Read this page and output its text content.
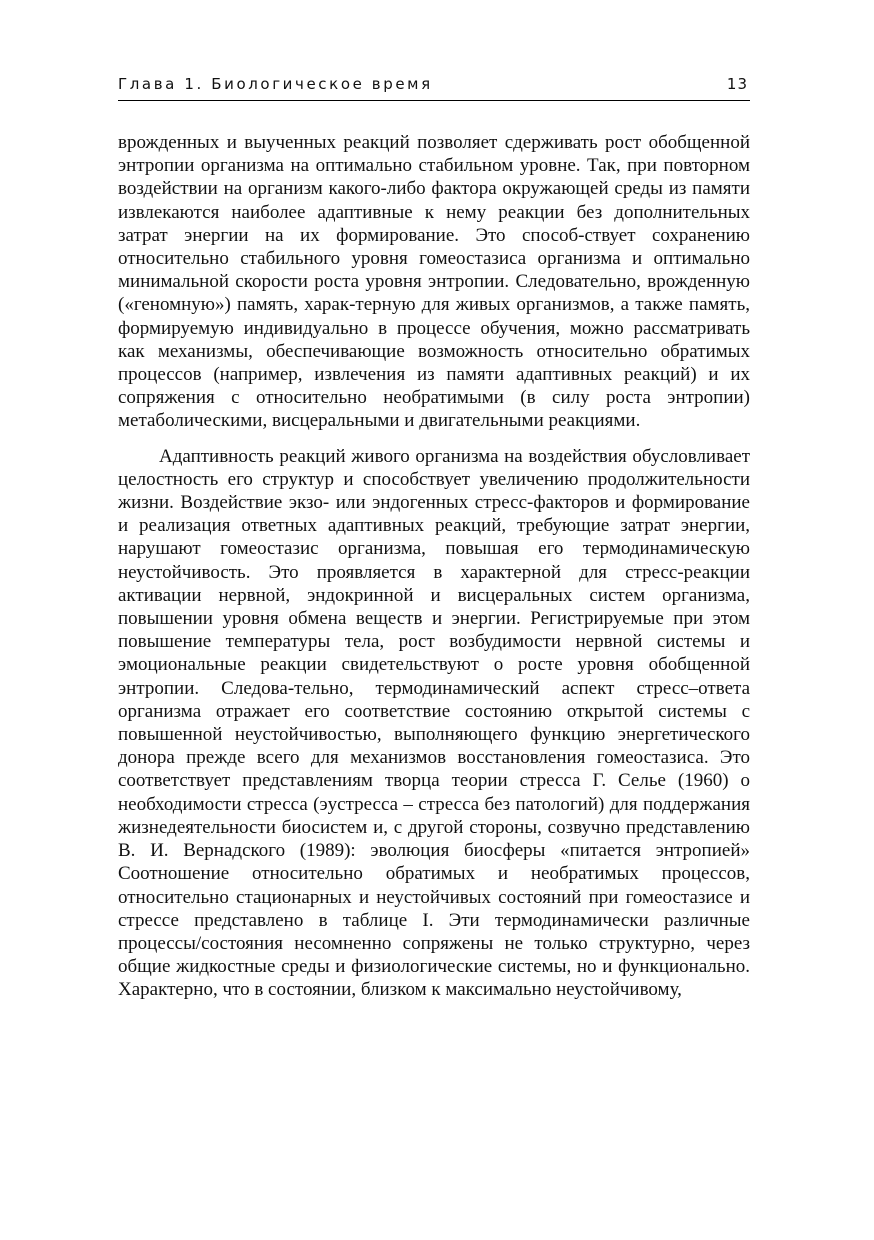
Глава 1. Биологическое время	13

врожденных и выученных реакций позволяет сдерживать рост обобщенной энтропии организма на оптимально стабильном уровне. Так, при повторном воздействии на организм какого-либо фактора окружающей среды из памяти извлекаются наиболее адаптивные к нему реакции без дополнительных затрат энергии на их формирование. Это способ-ствует сохранению относительно стабильного уровня гомеостазиса организма и оптимально минимальной скорости роста уровня энтропии. Следовательно, врожденную («геномную») память, харак-терную для живых организмов, а также память, формируемую индивидуально в процессе обучения, можно рассматривать как механизмы, обеспечивающие возможность относительно обратимых процессов (например, извлечения из памяти адаптивных реакций) и их сопряжения с относительно необратимыми (в силу роста энтропии) метаболическими, висцеральными и двигательными реакциями.

Адаптивность реакций живого организма на воздействия обусловливает целостность его структур и способствует увеличению продолжительности жизни. Воздействие экзо- или эндогенных стресс-факторов и формирование и реализация ответных адаптивных реакций, требующие затрат энергии, нарушают гомеостазис организма, повышая его термодинамическую неустойчивость. Это проявляется в характерной для стресс-реакции активации нервной, эндокринной и висцеральных систем организма, повышении уровня обмена веществ и энергии. Регистрируемые при этом повышение температуры тела, рост возбудимости нервной системы и эмоциональные реакции свидетельствуют о росте уровня обобщенной энтропии. Следова-тельно, термодинамический аспект стресс–ответа организма отражает его соответствие состоянию открытой системы с повышенной неустойчивостью, выполняющего функцию энергетического донора прежде всего для механизмов восстановления гомеостазиса. Это соответствует представлениям творца теории стресса Г. Селье (1960) о необходимости стресса (эустресса – стресса без патологий) для поддержания жизнедеятельности биосистем и, с другой стороны, созвучно представлению В. И. Вернадского (1989): эволюция биосферы «питается энтропией» Соотношение относительно обратимых и необратимых процессов, относительно стационарных и неустойчивых состояний при гомеостазисе и стрессе представлено в таблице I. Эти термодинамически различные процессы/состояния несомненно сопряжены не только структурно, через общие жидкостные среды и физиологические системы, но и функционально. Характерно, что в состоянии, близком к максимально неустойчивому,
